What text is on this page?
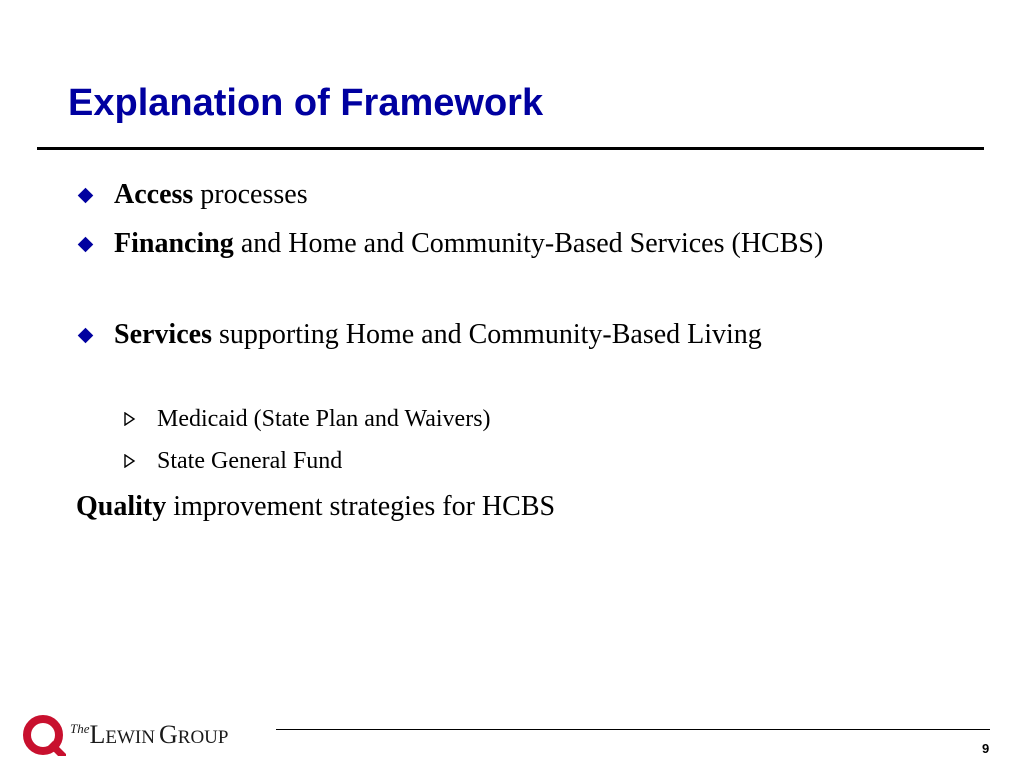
Explanation of Framework
Access processes
Financing and Home and Community-Based Services (HCBS)
Services supporting Home and Community-Based Living
Medicaid (State Plan and Waivers)
State General Fund
Quality improvement strategies for HCBS
$^{The}$LEWIN GROUP
9
